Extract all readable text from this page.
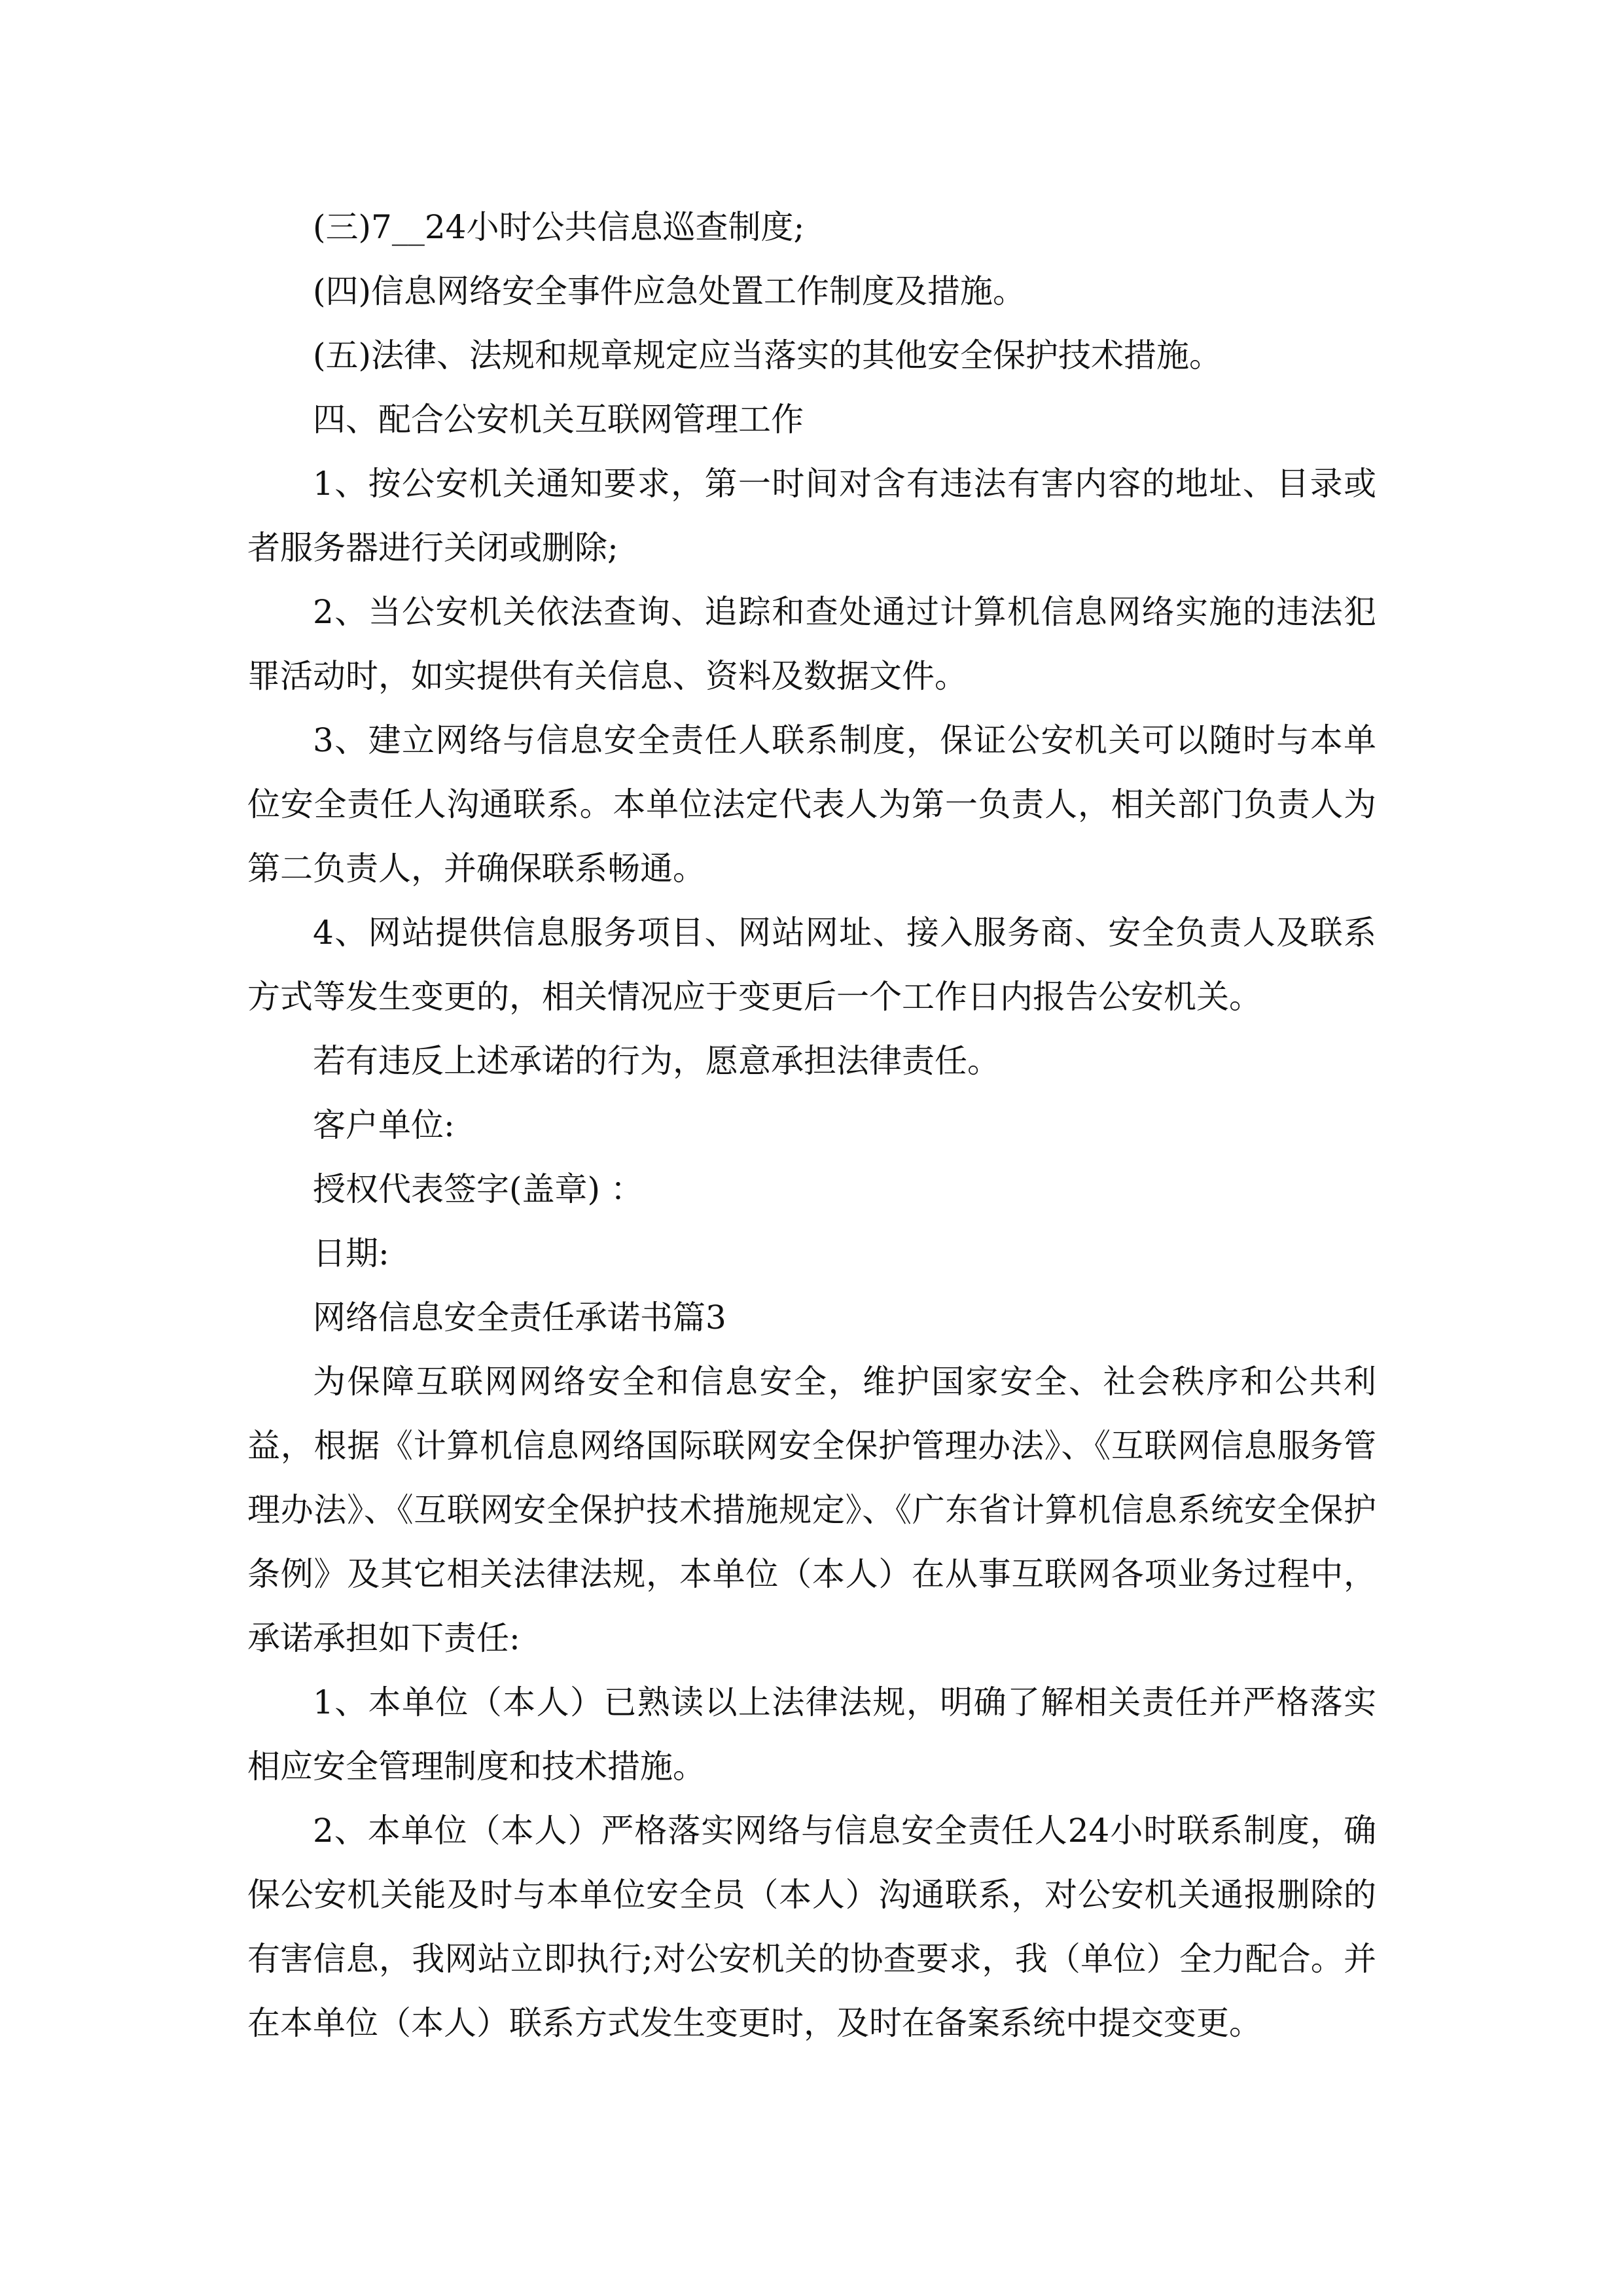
(三)7__24小时公共信息巡查制度;

(四)信息网络安全事件应急处置工作制度及措施。

(五)法律、法规和规章规定应当落实的其他安全保护技术措施。

四、配合公安机关互联网管理工作

1、按公安机关通知要求，第一时间对含有违法有害内容的地址、目录或者服务器进行关闭或删除;

2、当公安机关依法查询、追踪和查处通过计算机信息网络实施的违法犯罪活动时，如实提供有关信息、资料及数据文件。

3、建立网络与信息安全责任人联系制度，保证公安机关可以随时与本单位安全责任人沟通联系。本单位法定代表人为第一负责人，相关部门负责人为第二负责人，并确保联系畅通。

4、网站提供信息服务项目、网站网址、接入服务商、安全负责人及联系方式等发生变更的，相关情况应于变更后一个工作日内报告公安机关。

若有违反上述承诺的行为，愿意承担法律责任。

客户单位:

授权代表签字(盖章) ：

日期:

网络信息安全责任承诺书篇3

为保障互联网网络安全和信息安全，维护国家安全、社会秩序和公共利益，根据《计算机信息网络国际联网安全保护管理办法》、《互联网信息服务管理办法》、《互联网安全保护技术措施规定》、《广东省计算机信息系统安全保护条例》及其它相关法律法规，本单位（本人）在从事互联网各项业务过程中，承诺承担如下责任:

1、本单位（本人）已熟读以上法律法规，明确了解相关责任并严格落实相应安全管理制度和技术措施。

2、本单位（本人）严格落实网络与信息安全责任人24小时联系制度，确保公安机关能及时与本单位安全员（本人）沟通联系，对公安机关通报删除的有害信息，我网站立即执行;对公安机关的协查要求，我（单位）全力配合。并在本单位（本人）联系方式发生变更时，及时在备案系统中提交变更。
